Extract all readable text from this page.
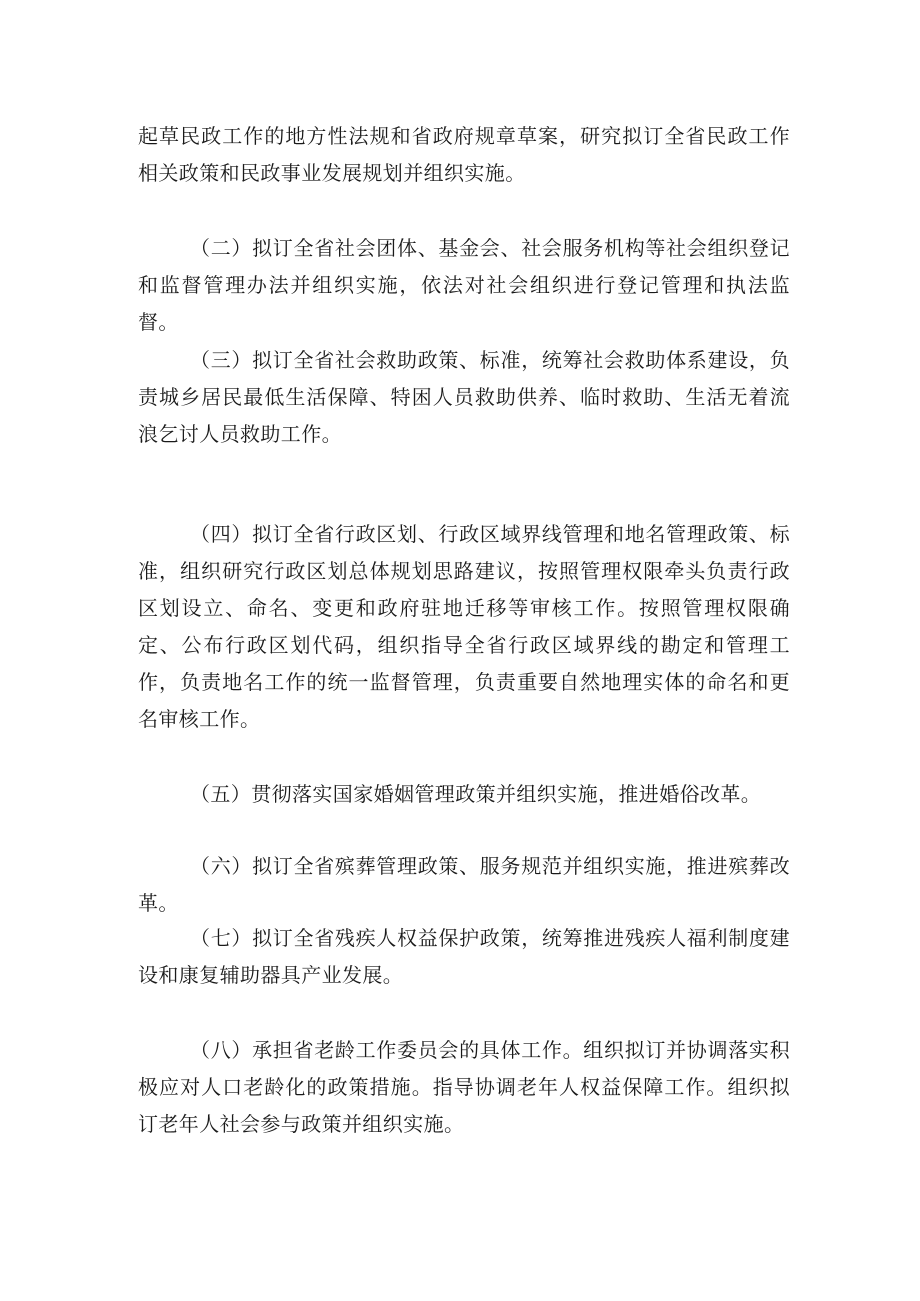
起草民政工作的地方性法规和省政府规章草案，研究拟订全省民政工作相关政策和民政事业发展规划并组织实施。

（二）拟订全省社会团体、基金会、社会服务机构等社会组织登记和监督管理办法并组织实施，依法对社会组织进行登记管理和执法监督。

（三）拟订全省社会救助政策、标准，统筹社会救助体系建设，负责城乡居民最低生活保障、特困人员救助供养、临时救助、生活无着流浪乞讨人员救助工作。

（四）拟订全省行政区划、行政区域界线管理和地名管理政策、标准，组织研究行政区划总体规划思路建议，按照管理权限牵头负责行政区划设立、命名、变更和政府驻地迁移等审核工作。按照管理权限确定、公布行政区划代码，组织指导全省行政区域界线的勘定和管理工作，负责地名工作的统一监督管理，负责重要自然地理实体的命名和更名审核工作。

（五）贯彻落实国家婚姻管理政策并组织实施，推进婚俗改革。

（六）拟订全省殡葬管理政策、服务规范并组织实施，推进殡葬改革。

（七）拟订全省残疾人权益保护政策，统筹推进残疾人福利制度建设和康复辅助器具产业发展。

（八）承担省老龄工作委员会的具体工作。组织拟订并协调落实积极应对人口老龄化的政策措施。指导协调老年人权益保障工作。组织拟订老年人社会参与政策并组织实施。
